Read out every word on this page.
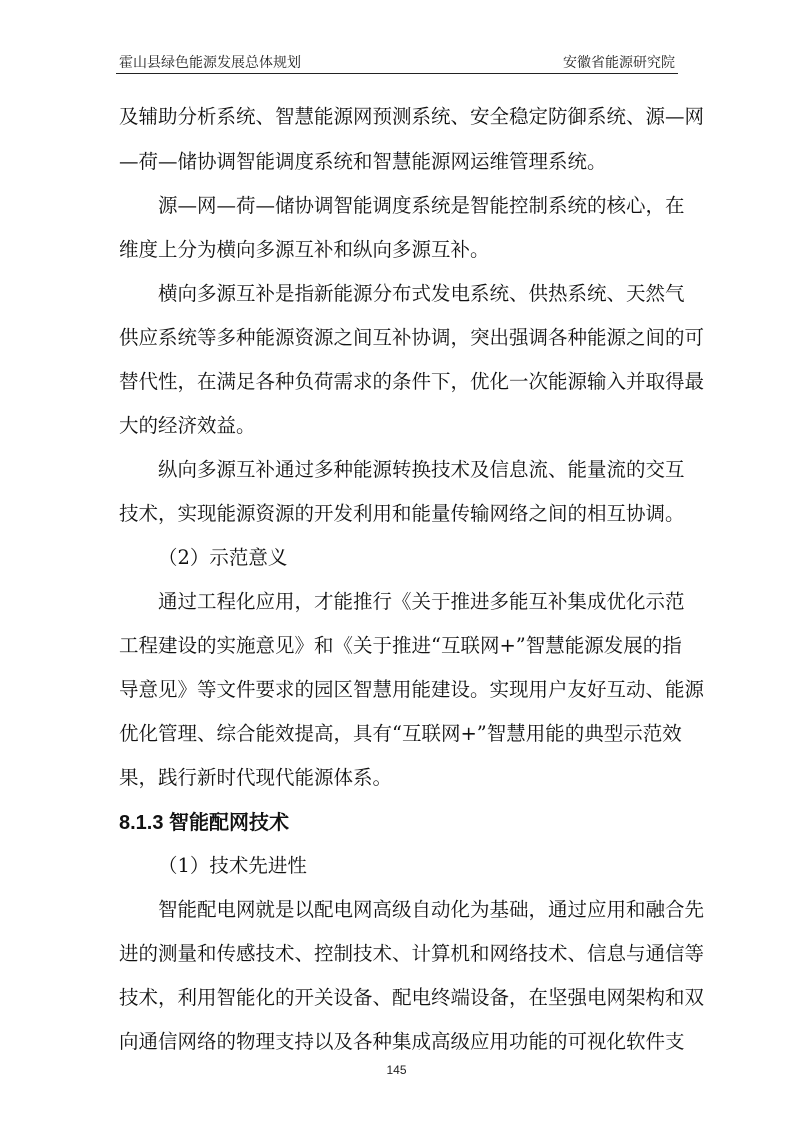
霍山县绿色能源发展总体规划	安徽省能源研究院
及辅助分析系统、智慧能源网预测系统、安全稳定防御系统、源—网
—荷—储协调智能调度系统和智慧能源网运维管理系统。
源—网—荷—储协调智能调度系统是智能控制系统的核心，在
维度上分为横向多源互补和纵向多源互补。
横向多源互补是指新能源分布式发电系统、供热系统、天然气
供应系统等多种能源资源之间互补协调，突出强调各种能源之间的可
替代性，在满足各种负荷需求的条件下，优化一次能源输入并取得最
大的经济效益。
纵向多源互补通过多种能源转换技术及信息流、能量流的交互
技术，实现能源资源的开发利用和能量传输网络之间的相互协调。
（2）示范意义
通过工程化应用，才能推行《关于推进多能互补集成优化示范
工程建设的实施意见》和《关于推进“互联网+”智慧能源发展的指
导意见》等文件要求的园区智慧用能建设。实现用户友好互动、能源
优化管理、综合能效提高，具有“互联网+”智慧用能的典型示范效
果，践行新时代现代能源体系。
8.1.3 智能配网技术
（1）技术先进性
智能配电网就是以配电网高级自动化为基础，通过应用和融合先
进的测量和传感技术、控制技术、计算机和网络技术、信息与通信等
技术，利用智能化的开关设备、配电终端设备，在坚强电网架构和双
向通信网络的物理支持以及各种集成高级应用功能的可视化软件支
145
